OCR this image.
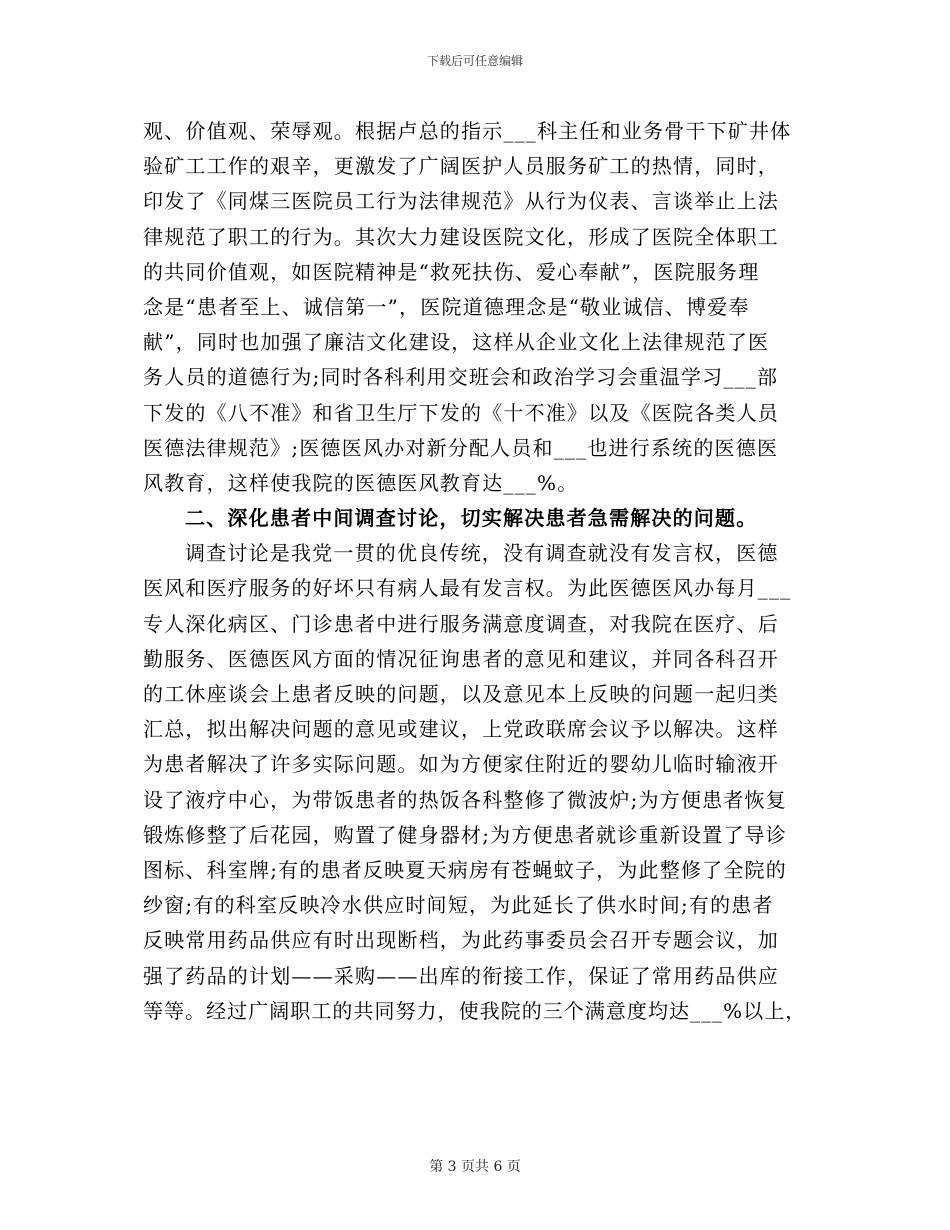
下载后可任意编辑
观、价值观、荣辱观。根据卢总的指示___科主任和业务骨干下矿井体
验矿工工作的艰辛，更激发了广阔医护人员服务矿工的热情，同时，
印发了《同煤三医院员工行为法律规范》从行为仪表、言谈举止上法
律规范了职工的行为。其次大力建设医院文化，形成了医院全体职工
的共同价值观，如医院精神是“救死扶伤、爱心奉献”，医院服务理
念是“患者至上、诚信第一”，医院道德理念是“敬业诚信、博爱奉
献”，同时也加强了廉洁文化建设，这样从企业文化上法律规范了医
务人员的道德行为;同时各科利用交班会和政治学习会重温学习___部
下发的《八不准》和省卫生厅下发的《十不准》以及《医院各类人员
医德法律规范》;医德医风办对新分配人员和___也进行系统的医德医
风教育，这样使我院的医德医风教育达___%。
二、深化患者中间调查讨论，切实解决患者急需解决的问题。
调查讨论是我党一贯的优良传统，没有调查就没有发言权，医德
医风和医疗服务的好坏只有病人最有发言权。为此医德医风办每月___
专人深化病区、门诊患者中进行服务满意度调查，对我院在医疗、后
勤服务、医德医风方面的情况征询患者的意见和建议，并同各科召开
的工休座谈会上患者反映的问题，以及意见本上反映的问题一起归类
汇总，拟出解决问题的意见或建议，上党政联席会议予以解决。这样
为患者解决了许多实际问题。如为方便家住附近的婴幼儿临时输液开
设了液疗中心，为带饭患者的热饭各科整修了微波炉;为方便患者恢复
锻炼修整了后花园，购置了健身器材;为方便患者就诊重新设置了导诊
图标、科室牌;有的患者反映夏天病房有苍蝇蚊子，为此整修了全院的
纱窗;有的科室反映冷水供应时间短，为此延长了供水时间;有的患者
反映常用药品供应有时出现断档，为此药事委员会召开专题会议，加
强了药品的计划——采购——出库的衔接工作，保证了常用药品供应
等等。经过广阔职工的共同努力，使我院的三个满意度均达___%以上，
第 3 页共 6 页
